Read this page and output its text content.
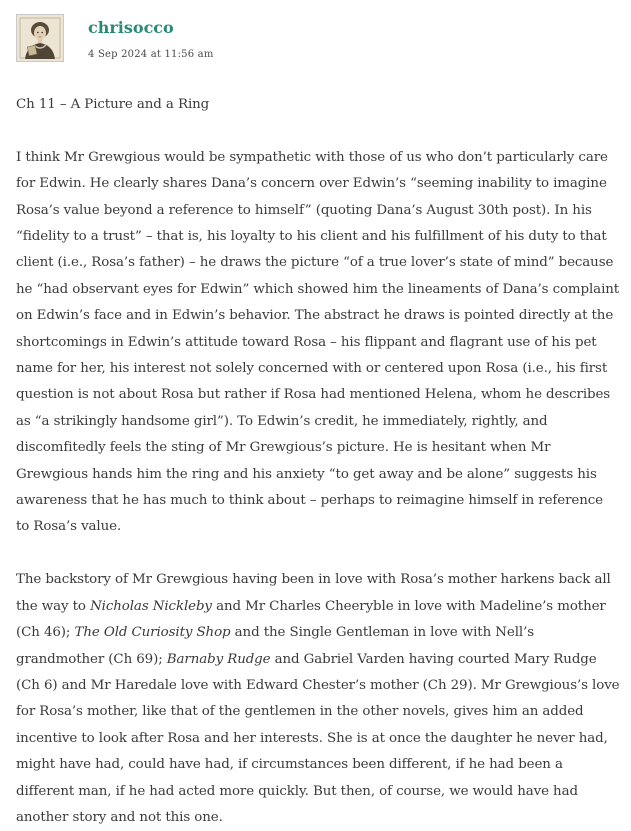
chrisocco
4 Sep 2024 at 11:56 am

Ch 11 – A Picture and a Ring

I think Mr Grewgious would be sympathetic with those of us who don’t particularly care for Edwin. He clearly shares Dana’s concern over Edwin’s “seeming inability to imagine Rosa’s value beyond a reference to himself” (quoting Dana’s August 30th post). In his “fidelity to a trust” – that is, his loyalty to his client and his fulfillment of his duty to that client (i.e., Rosa’s father) – he draws the picture “of a true lover’s state of mind” because he “had observant eyes for Edwin” which showed him the lineaments of Dana’s complaint on Edwin’s face and in Edwin’s behavior. The abstract he draws is pointed directly at the shortcomings in Edwin’s attitude toward Rosa – his flippant and flagrant use of his pet name for her, his interest not solely concerned with or centered upon Rosa (i.e., his first question is not about Rosa but rather if Rosa had mentioned Helena, whom he describes as “a strikingly handsome girl”). To Edwin’s credit, he immediately, rightly, and discomfitedly feels the sting of Mr Grewgious’s picture. He is hesitant when Mr Grewgious hands him the ring and his anxiety “to get away and be alone” suggests his awareness that he has much to think about – perhaps to reimagine himself in reference to Rosa’s value.

The backstory of Mr Grewgious having been in love with Rosa’s mother harkens back all the way to Nicholas Nickleby and Mr Charles Cheeryble in love with Madeline’s mother (Ch 46); The Old Curiosity Shop and the Single Gentleman in love with Nell’s grandmother (Ch 69); Barnaby Rudge and Gabriel Varden having courted Mary Rudge (Ch 6) and Mr Haredale love with Edward Chester’s mother (Ch 29). Mr Grewgious’s love for Rosa’s mother, like that of the gentlemen in the other novels, gives him an added incentive to look after Rosa and her interests. She is at once the daughter he never had, might have had, could have had, if circumstances been different, if he had been a different man, if he had acted more quickly. But then, of course, we would have had another story and not this one.
